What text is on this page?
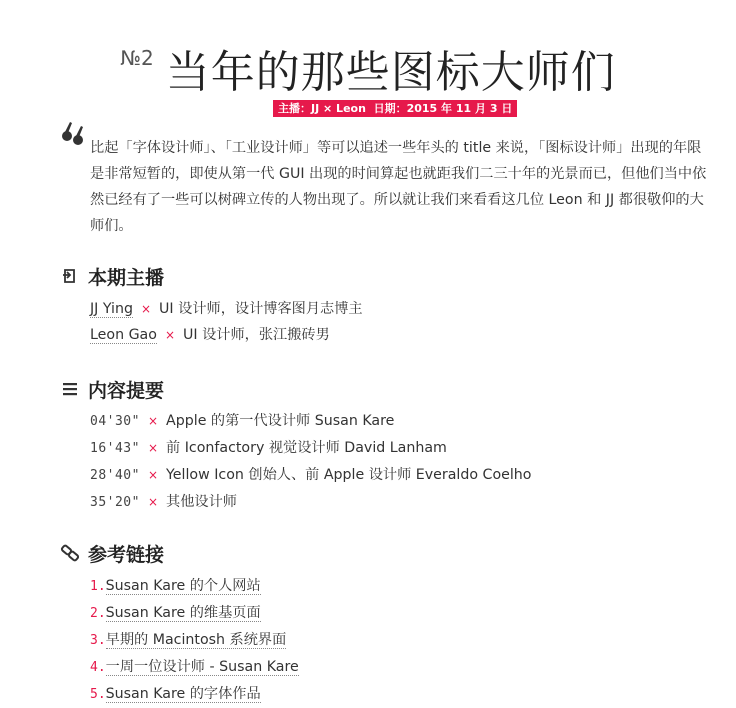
№2 当年的那些图标大师们
主播：JJ × Leon 日期：2015 年 11 月 3 日
比起「字体设计师」、「工业设计师」等可以追述一些年头的 title 来说，「图标设计师」出现的年限是非常短暂的，即使从第一代 GUI 出现的时间算起也就距我们二三十年的光景而已，但他们当中依然已经有了一些可以树碑立传的人物出现了。所以就让我们来看看这几位 Leon 和 JJ 都很敬仰的大师们。
本期主播
JJ Ying × UI 设计师，设计博客图月志博主
Leon Gao × UI 设计师，张江搬砖男
内容提要
04'30" × Apple 的第一代设计师 Susan Kare
16'43" × 前 Iconfactory 视觉设计师 David Lanham
28'40" × Yellow Icon 创始人、前 Apple 设计师 Everaldo Coelho
35'20" × 其他设计师
参考链接
1.Susan Kare 的个人网站
2.Susan Kare 的维基页面
3.早期的 Macintosh 系统界面
4.一周一位设计师 - Susan Kare
5.Susan Kare 的字体作品
